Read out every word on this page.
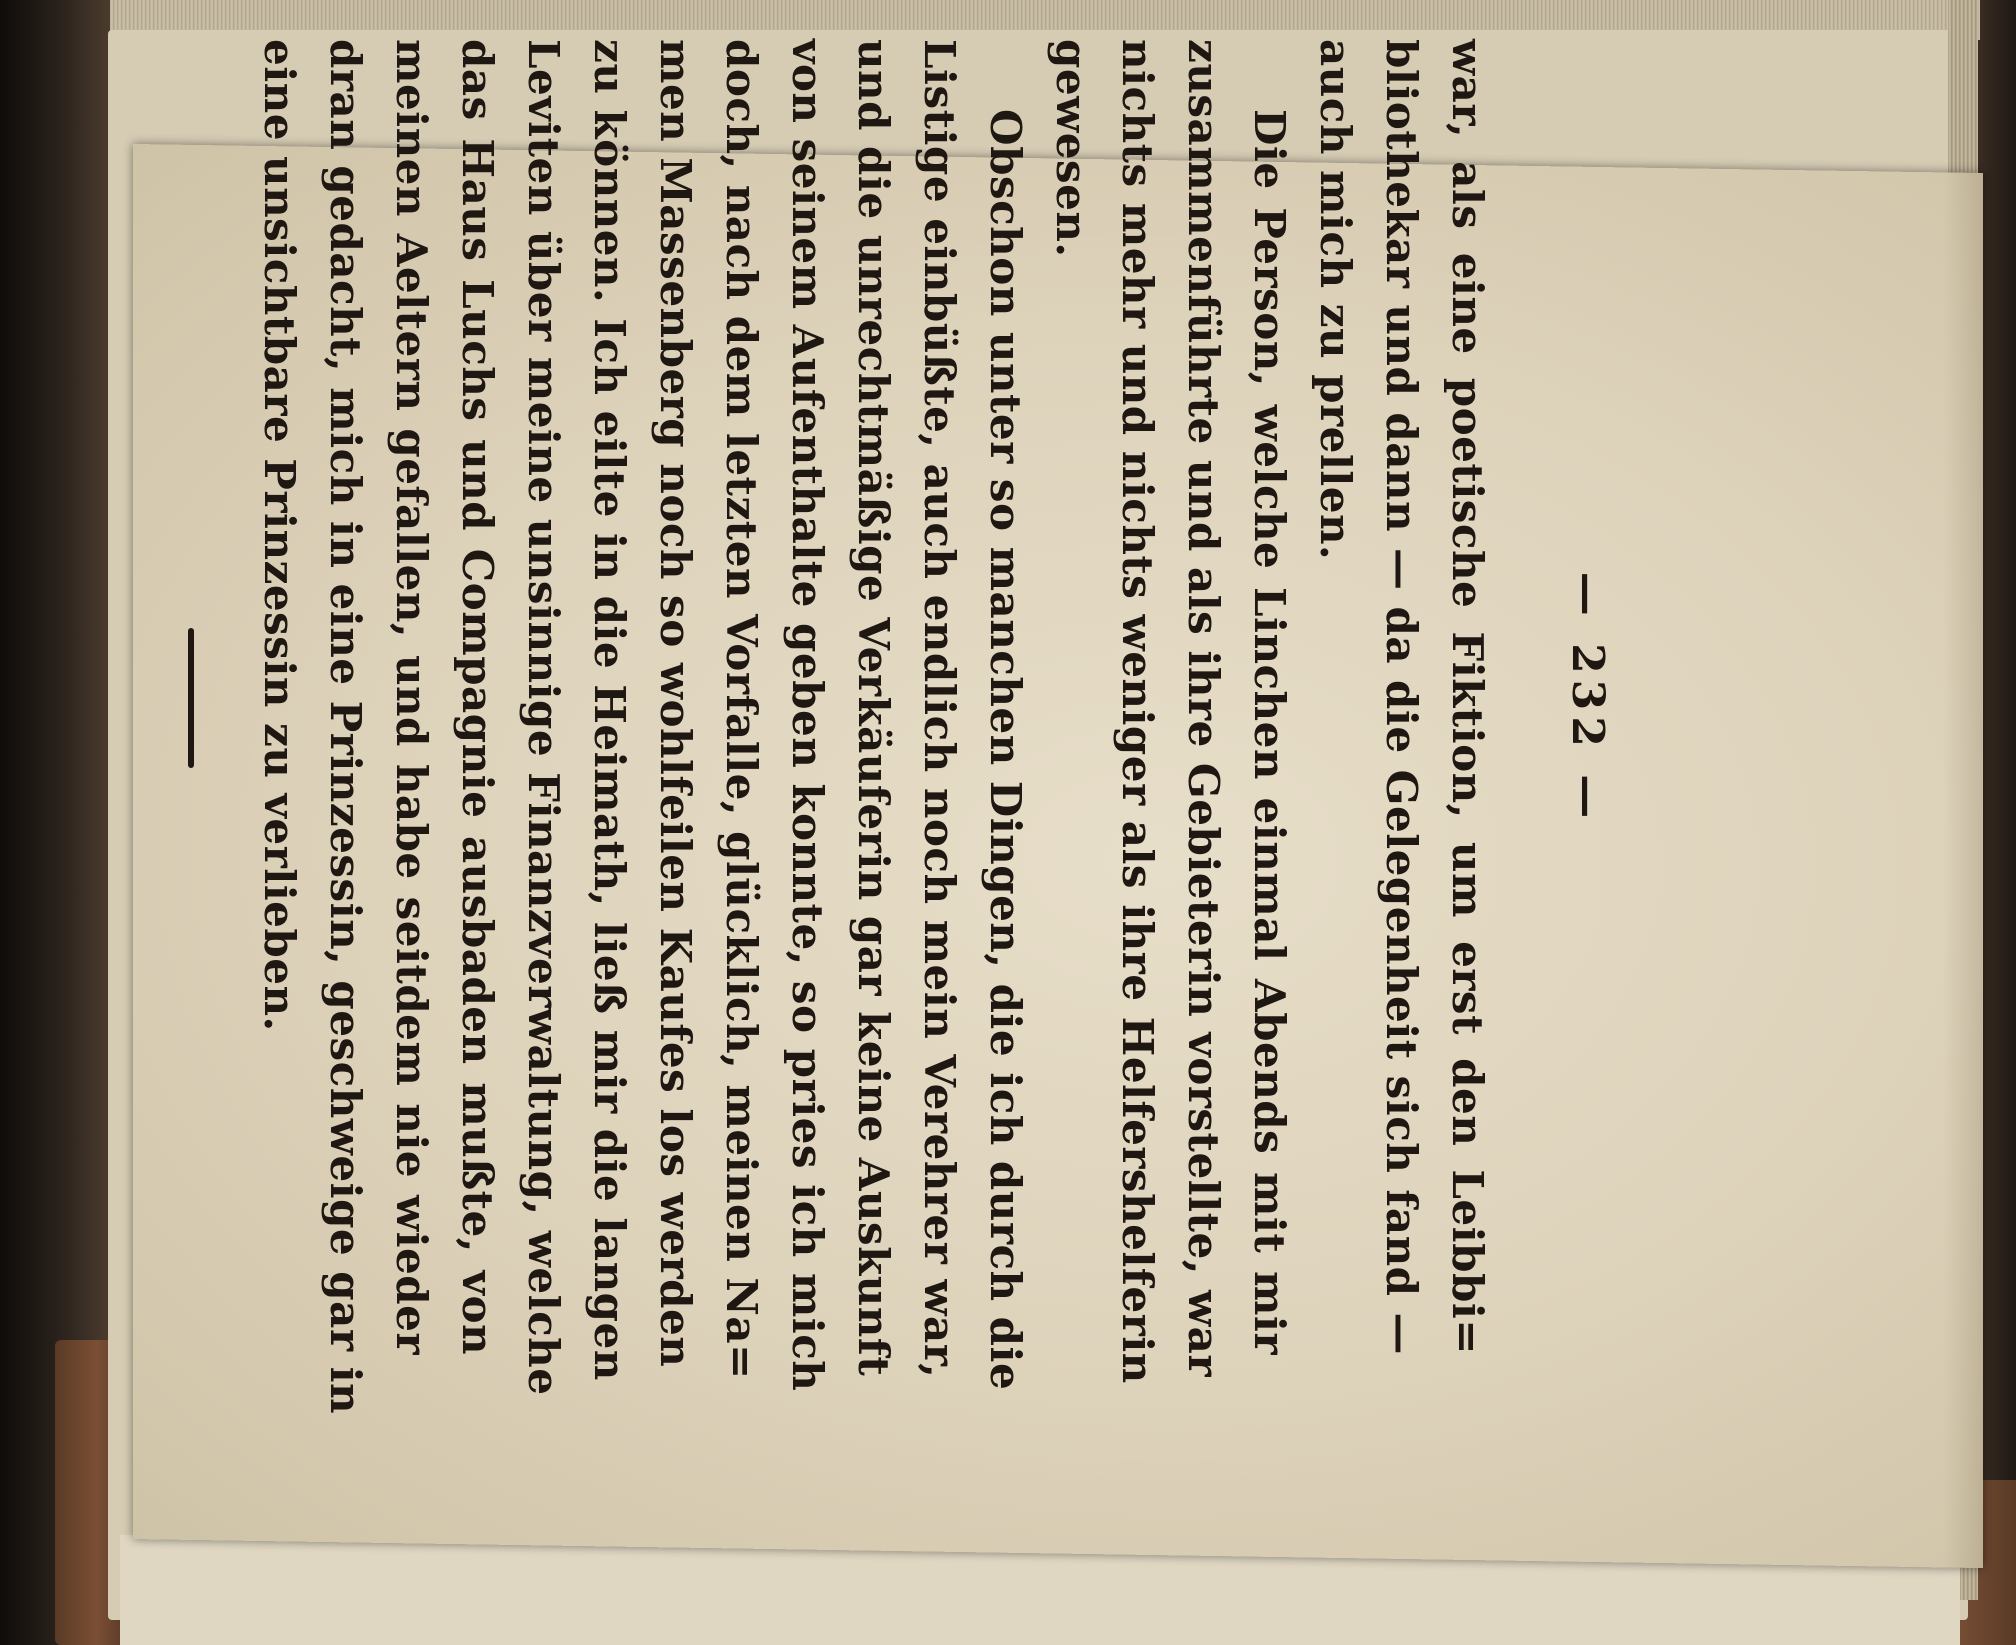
— 232 —
war, als eine poetische Fiktion, um erst den Leibbi=
bliothekar und dann — da die Gelegenheit sich fand —
auch mich zu prellen.
Die Person, welche Linchen einmal Abends mit mir
zusammenführte und als ihre Gebieterin vorstellte, war
nichts mehr und nichts weniger als ihre Helfershelferin
gewesen.
Obschon unter so manchen Dingen, die ich durch die
Listige einbüßte, auch endlich noch mein Verehrer war,
und die unrechtmäßige Verkäuferin gar keine Auskunft
von seinem Aufenthalte geben konnte, so pries ich mich
doch, nach dem letzten Vorfalle, glücklich, meinen Na=
men Massenberg noch so wohlfeilen Kaufes los werden
zu können. Ich eilte in die Heimath, ließ mir die langen
Leviten über meine unsinnige Finanzverwaltung, welche
das Haus Luchs und Compagnie ausbaden mußte, von
meinen Aeltern gefallen, und habe seitdem nie wieder
dran gedacht, mich in eine Prinzessin, geschweige gar in
eine unsichtbare Prinzessin zu verlieben.
